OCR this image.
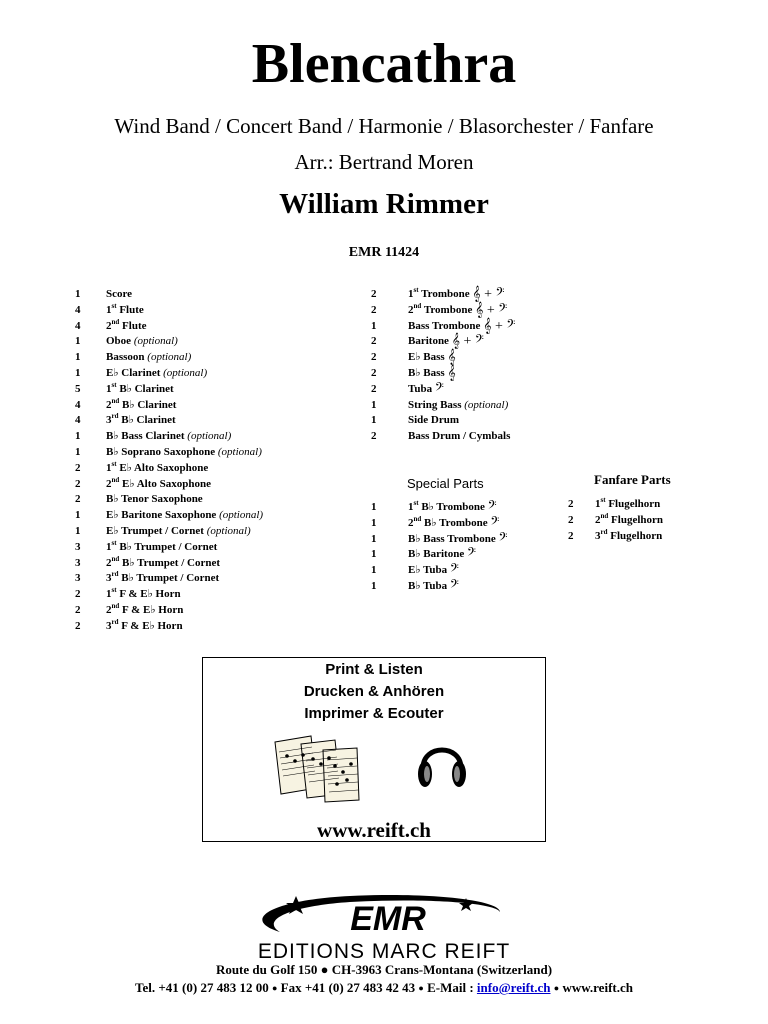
Blencathra
Wind Band / Concert Band / Harmonie / Blasorchester / Fanfare
Arr.: Bertrand Moren
William Rimmer
EMR 11424
1 Score
4 1st Flute
4 2nd Flute
1 Oboe (optional)
1 Bassoon (optional)
1 E♭ Clarinet (optional)
5 1st B♭ Clarinet
4 2nd B♭ Clarinet
4 3rd B♭ Clarinet
1 B♭ Bass Clarinet (optional)
1 B♭ Soprano Saxophone (optional)
2 1st E♭ Alto Saxophone
2 2nd E♭ Alto Saxophone
2 B♭ Tenor Saxophone
1 E♭ Baritone Saxophone (optional)
1 E♭ Trumpet / Cornet (optional)
3 1st B♭ Trumpet / Cornet
3 2nd B♭ Trumpet / Cornet
3 3rd B♭ Trumpet / Cornet
2 1st F & E♭ Horn
2 2nd F & E♭ Horn
2 3rd F & E♭ Horn
2	1st Trombone 𝄞 + 𝄢
2	2nd Trombone 𝄞 + 𝄢
1	Bass Trombone 𝄞 + 𝄢
2	Baritone 𝄞 + 𝄢
2	E♭ Bass 𝄞
2	B♭ Bass 𝄞
2	Tuba 𝄢
1	String Bass (optional)
1	Side Drum
2	Bass Drum / Cymbals
Special Parts
1	1st B♭ Trombone 𝄢
1	2nd B♭ Trombone 𝄢
1	B♭ Bass Trombone 𝄢
1	B♭ Baritone 𝄢
1	E♭ Tuba 𝄢
1	B♭ Tuba 𝄢
Fanfare Parts
2 1st Flugelhorn
2 2nd Flugelhorn
2 3rd Flugelhorn
Print & Listen
Drucken & Anhören
Imprimer & Ecouter
www.reift.ch
EMR
EDITIONS MARC REIFT
Route du Golf 150 ● CH-3963 Crans-Montana (Switzerland)
Tel. +41 (0) 27 483 12 00 ● Fax +41 (0) 27 483 42 43 ● E-Mail : info@reift.ch ● www.reift.ch
